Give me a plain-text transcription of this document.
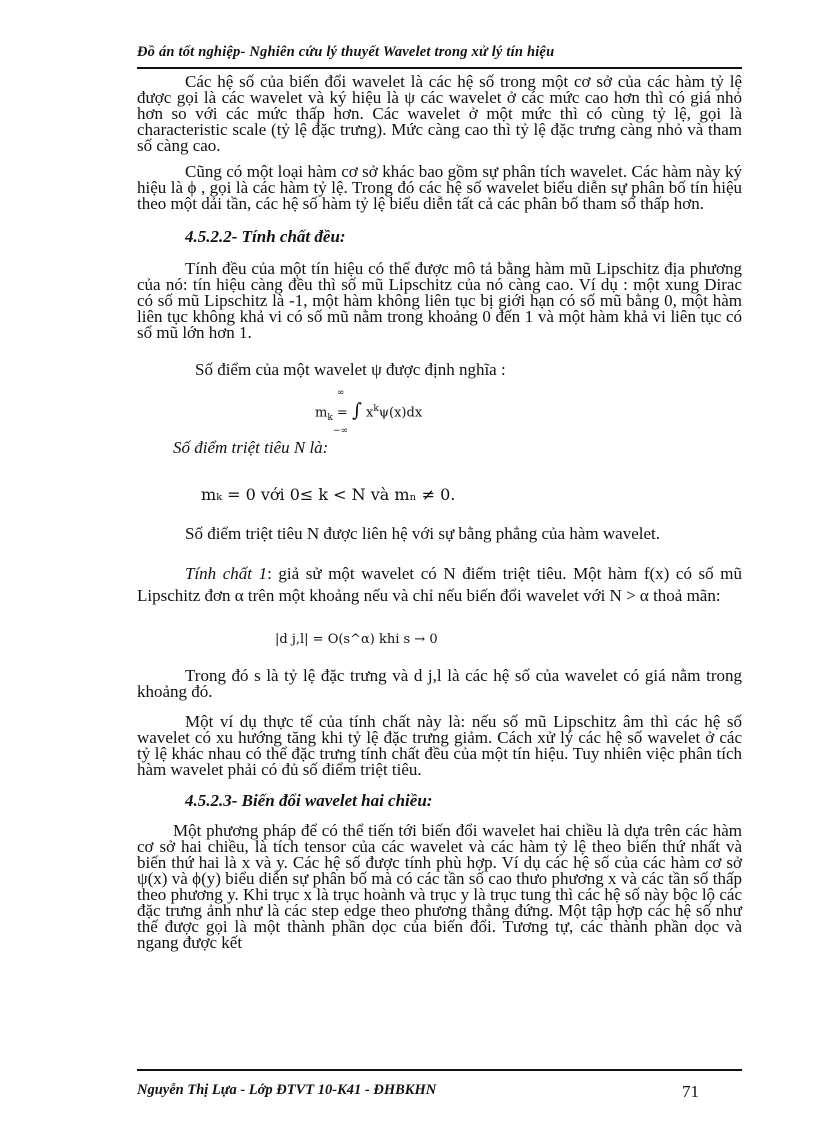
Đồ án tốt nghiệp- Nghiên cứu lý thuyết Wavelet trong xử lý tín hiệu

Các hệ số của biến đổi wavelet là các hệ số trong một cơ sở của các hàm tỷ lệ được gọi là các wavelet và ký hiệu là ψ các wavelet ở các mức cao hơn thì có giá nhỏ hơn so với các mức thấp hơn. Các wavelet ở một mức thì có cùng tỷ lệ, gọi là characteristic scale (tỷ lệ đặc trưng). Mức càng cao thì tỷ lệ đặc trưng càng nhỏ và tham số càng cao.

Cũng có một loại hàm cơ sở khác bao gồm sự phân tích wavelet. Các hàm này ký hiệu là ϕ , gọi là các hàm tỷ lệ. Trong đó các hệ số wavelet biểu diễn sự phân bố tín hiệu theo một dải tần, các hệ số hàm tỷ lệ biểu diễn tất cả các phân bố tham số thấp hơn.

4.5.2.2- Tính chất đều:

Tính đều của một tín hiệu có thể được mô tả bằng hàm mũ Lipschitz địa phương của nó: tín hiệu càng đều thì số mũ Lipschitz của nó càng cao. Ví dụ : một xung Dirac có số mũ Lipschitz là -1, một hàm không liên tục bị giới hạn có số mũ bằng 0, một hàm liên tục không khả vi có số mũ nằm trong khoảng 0 đến 1 và một hàm khả vi liên tục có số mũ lớn hơn 1.

Số điểm của một wavelet ψ được định nghĩa :
∞
$m_k$ = ∫ $x^k\psi(x)dx$
−∞
Số điểm triệt tiêu N là:
mₖ = 0 với 0≤ k < N và mₙ ≠ 0.
Số điểm triệt tiêu N được liên hệ với sự bằng phẳng của hàm wavelet.

Tính chất 1: giả sử một wavelet có N điểm triệt tiêu. Một hàm f(x) có số mũ Lipschitz đơn α trên một khoảng nếu và chỉ nếu biến đổi wavelet với N > α thoả mãn:

|d j,l| = O(s^α) khi s → 0

Trong đó s là tỷ lệ đặc trưng và d j,l là các hệ số của wavelet có giá nằm trong khoảng đó.

Một ví dụ thực tế của tính chất này là: nếu số mũ Lipschitz âm thì các hệ số wavelet có xu hướng tăng khi tỷ lệ đặc trưng giảm. Cách xử lý các hệ số wavelet ở các tỷ lệ khác nhau có thể đặc trưng tính chất đều của một tín hiệu. Tuy nhiên việc phân tích hàm wavelet phải có đủ số điểm triệt tiêu.

4.5.2.3- Biến đổi wavelet hai chiều:

Một phương pháp để có thể tiến tới biến đổi wavelet hai chiều là dựa trên các hàm cơ sở hai chiều, là tích tensor của các wavelet và các hàm tỷ lệ theo biến thứ nhất và biến thứ hai là x và y. Các hệ số được tính phù hợp. Ví dụ các hệ số của các hàm cơ sở ψ(x) và ϕ(y) biểu diễn sự phân bố mà có các tần số cao thưo phương x và các tần số thấp theo phương y. Khi trục x là trục hoành và trục y là trục tung thì các hệ số này bộc lộ các đặc trưng ảnh như là các step edge theo phương thẳng đứng. Một tập hợp các hệ số như thế được gọi là một thành phần dọc của biến đổi. Tương tự, các thành phần dọc và ngang được kết

Nguyễn Thị Lựa - Lớp ĐTVT 10-K41 - ĐHBKHN	71
